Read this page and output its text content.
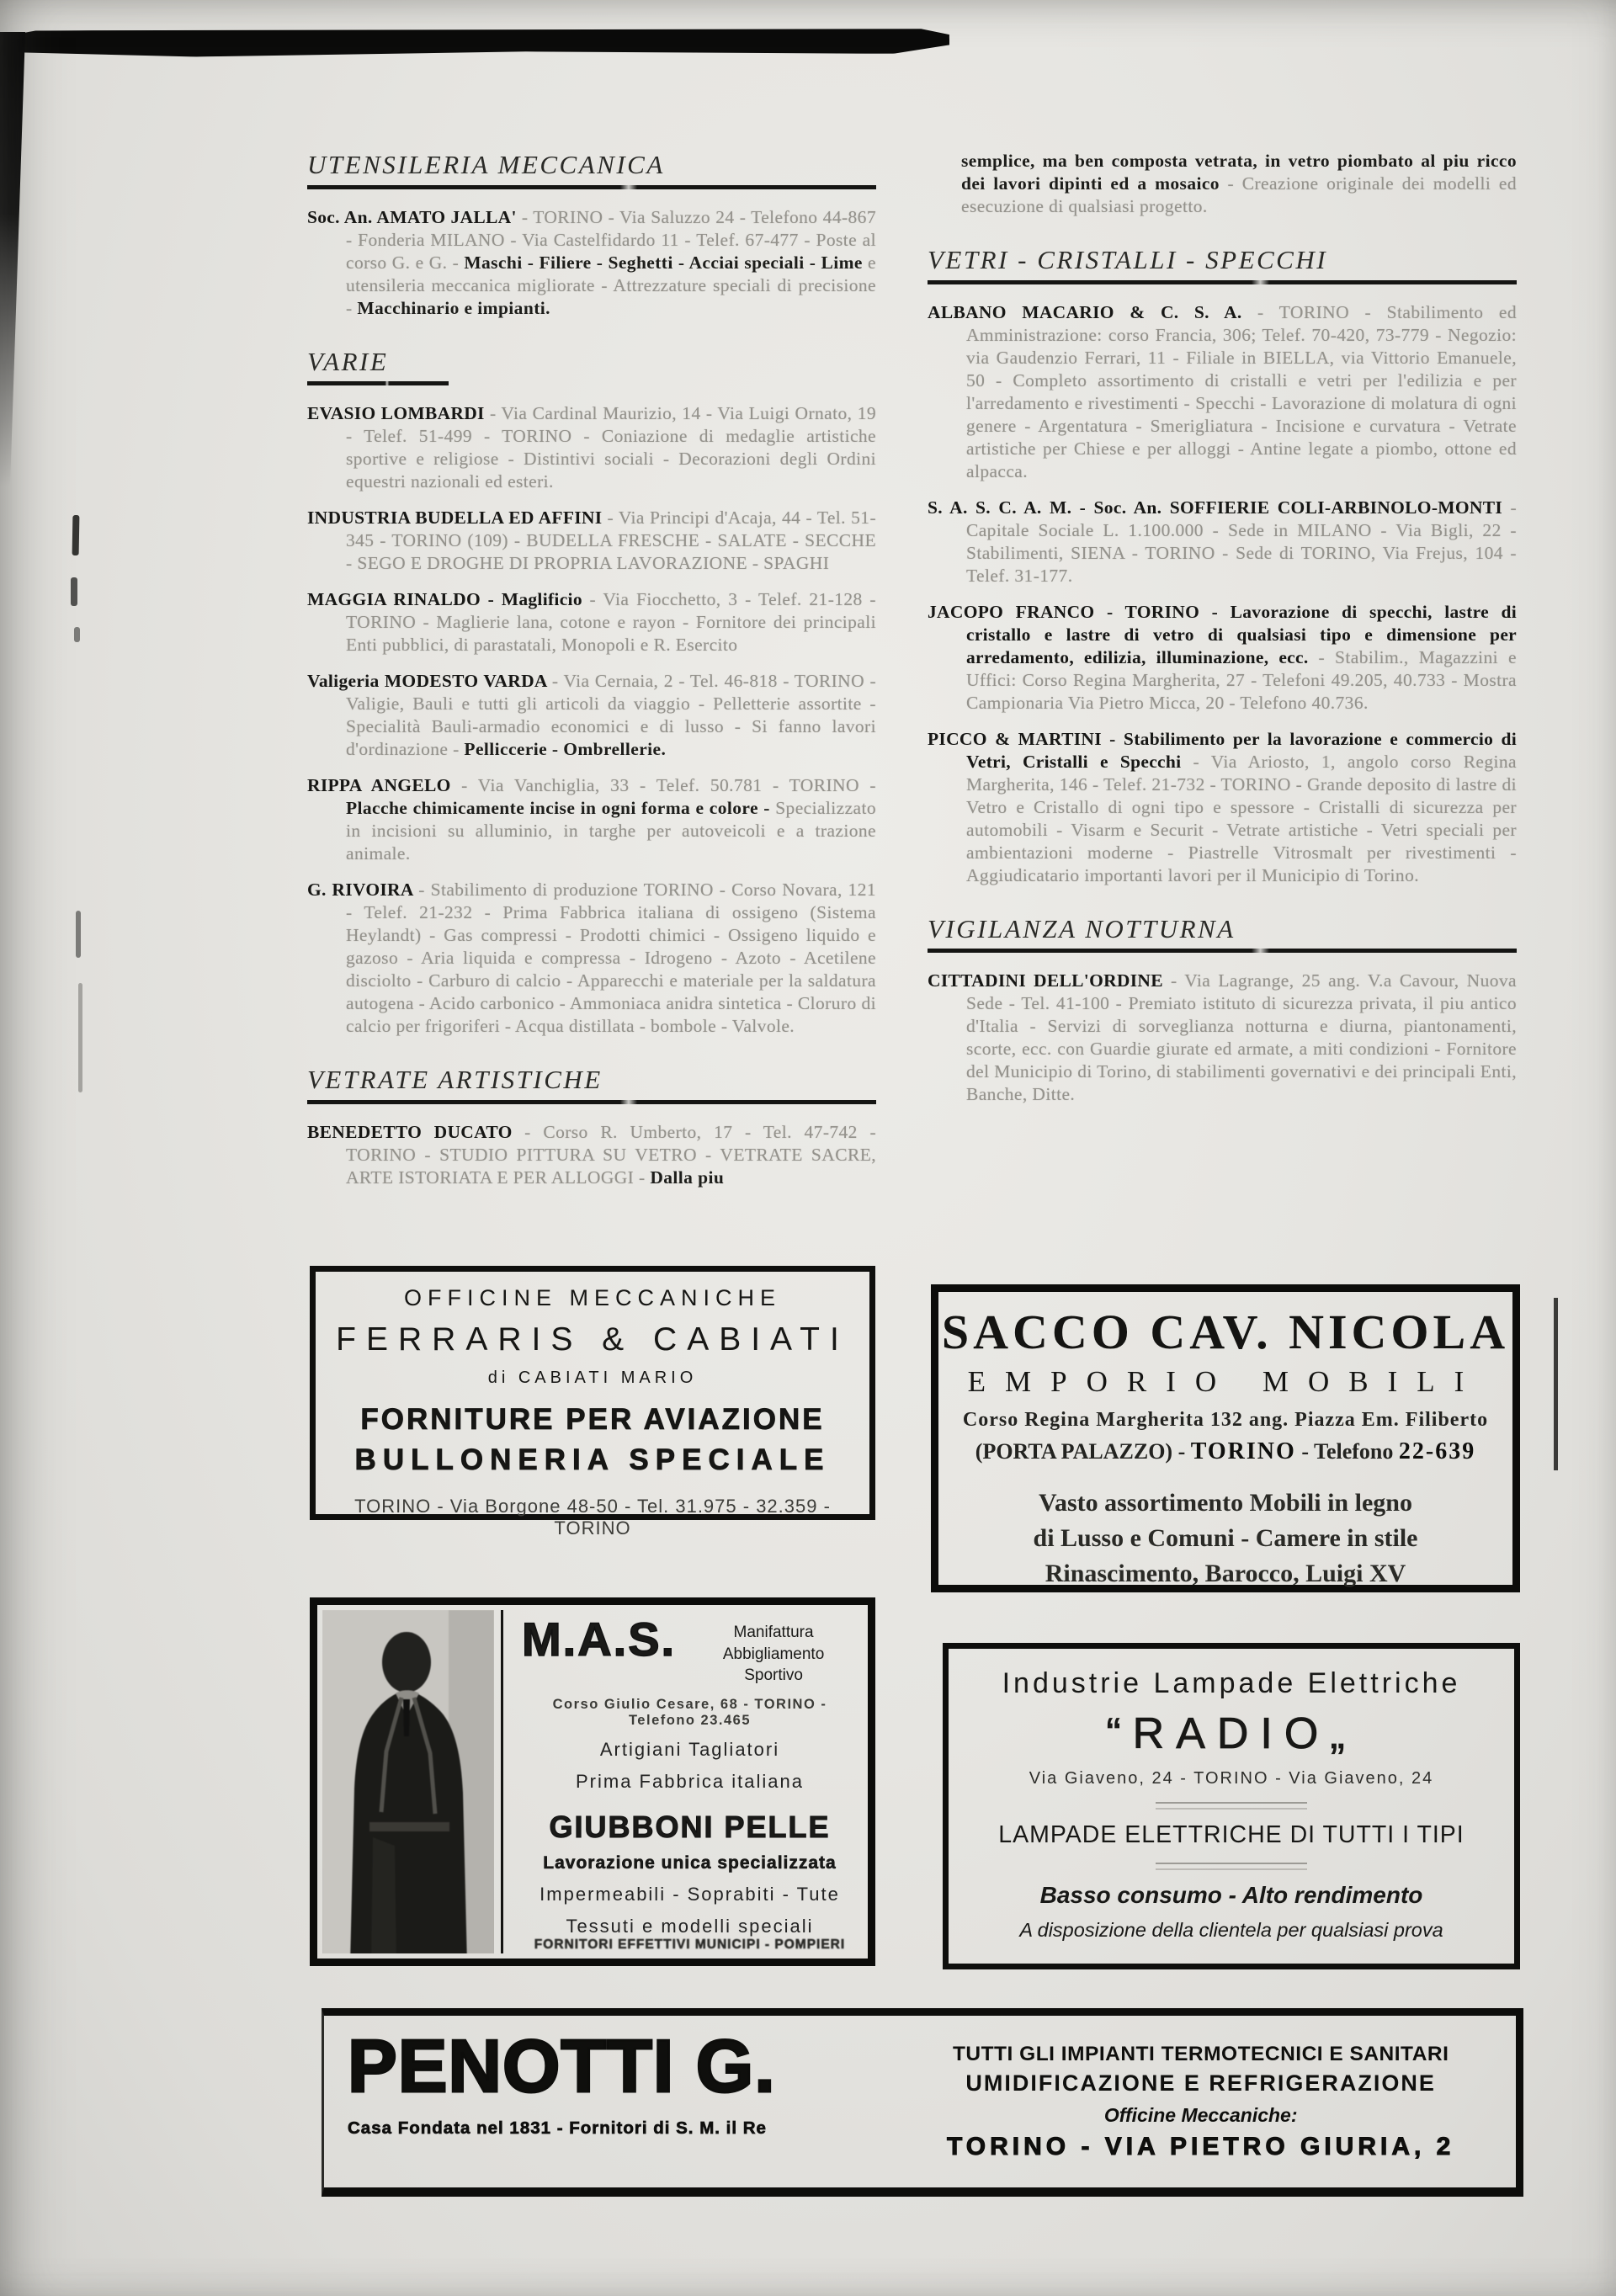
UTENSILERIA MECCANICA

Soc. An. AMATO JALLA' - TORINO - Via Saluzzo 24 - Telefono 44-867 - Fonderia MILANO - Via Castelfidardo 11 - Telef. 67-477 - Poste al corso G. e G. - Maschi - Filiere - Seghetti - Acciai speciali - Lime e utensileria meccanica migliorate - Attrezzature speciali di precisione - Macchinario e impianti.

VARIE

EVASIO LOMBARDI - Via Cardinal Maurizio, 14 - Via Luigi Ornato, 19 - Telef. 51-499 - TORINO - Coniazione di medaglie artistiche sportive e religiose - Distintivi sociali - Decorazioni degli Ordini equestri nazionali ed esteri.

INDUSTRIA BUDELLA ED AFFINI - Via Principi d'Acaja, 44 - Tel. 51-345 - TORINO (109) - BUDELLA FRESCHE - SALATE - SECCHE - SEGO E DROGHE DI PROPRIA LAVORAZIONE - SPAGHI

MAGGIA RINALDO - Maglificio - Via Fiocchetto, 3 - Telef. 21-128 - TORINO - Maglierie lana, cotone e rayon - Fornitore dei principali Enti pubblici, di parastatali, Monopoli e R. Esercito

Valigeria MODESTO VARDA - Via Cernaia, 2 - Tel. 46-818 - TORINO - Valigie, Bauli e tutti gli articoli da viaggio - Pelletterie assortite - Specialità Bauli-armadio economici e di lusso - Si fanno lavori d'ordinazione - Pelliccerie - Ombrellerie.

RIPPA ANGELO - Via Vanchiglia, 33 - Telef. 50.781 - TORINO - Placche chimicamente incise in ogni forma e colore - Specializzato in incisioni su alluminio, in targhe per autoveicoli e a trazione animale.

G. RIVOIRA - Stabilimento di produzione TORINO - Corso Novara, 121 - Telef. 21-232 - Prima Fabbrica italiana di ossigeno (Sistema Heylandt) - Gas compressi - Prodotti chimici - Ossigeno liquido e gazoso - Aria liquida e compressa - Idrogeno - Azoto - Acetilene disciolto - Carburo di calcio - Apparecchi e materiale per la saldatura autogena - Acido carbonico - Ammoniaca anidra sintetica - Cloruro di calcio per frigoriferi - Acqua distillata - bombole - Valvole.

VETRATE ARTISTICHE

BENEDETTO DUCATO - Corso R. Umberto, 17 - Tel. 47-742 - TORINO - STUDIO PITTURA SU VETRO - VETRATE SACRE, ARTE ISTORIATA E PER ALLOGGI - Dalla piu

semplice, ma ben composta vetrata, in vetro piombato al piu ricco dei lavori dipinti ed a mosaico - Creazione originale dei modelli ed esecuzione di qualsiasi progetto.

VETRI - CRISTALLI - SPECCHI

ALBANO MACARIO & C. S. A. - TORINO - Stabilimento ed Amministrazione: corso Francia, 306; Telef. 70-420, 73-779 - Negozio: via Gaudenzio Ferrari, 11 - Filiale in BIELLA, via Vittorio Emanuele, 50 - Completo assortimento di cristalli e vetri per l'edilizia e per l'arredamento e rivestimenti - Specchi - Lavorazione di molatura di ogni genere - Argentatura - Smerigliatura - Incisione e curvatura - Vetrate artistiche per Chiese e per alloggi - Antine legate a piombo, ottone ed alpacca.

S. A. S. C. A. M. - Soc. An. SOFFIERIE COLI-ARBINOLO-MONTI - Capitale Sociale L. 1.100.000 - Sede in MILANO - Via Bigli, 22 - Stabilimenti, SIENA - TORINO - Sede di TORINO, Via Frejus, 104 - Telef. 31-177.

JACOPO FRANCO - TORINO - Lavorazione di specchi, lastre di cristallo e lastre di vetro di qualsiasi tipo e dimensione per arredamento, edilizia, illuminazione, ecc. - Stabilim., Magazzini e Uffici: Corso Regina Margherita, 27 - Telefoni 49.205, 40.733 - Mostra Campionaria Via Pietro Micca, 20 - Telefono 40.736.

PICCO & MARTINI - Stabilimento per la lavorazione e commercio di Vetri, Cristalli e Specchi - Via Ariosto, 1, angolo corso Regina Margherita, 146 - Telef. 21-732 - TORINO - Grande deposito di lastre di Vetro e Cristallo di ogni tipo e spessore - Cristalli di sicurezza per automobili - Visarm e Securit - Vetrate artistiche - Vetri speciali per ambientazioni moderne - Piastrelle Vitrosmalt per rivestimenti - Aggiudicatario importanti lavori per il Municipio di Torino.

VIGILANZA NOTTURNA

CITTADINI DELL'ORDINE - Via Lagrange, 25 ang. V.a Cavour, Nuova Sede - Tel. 41-100 - Premiato istituto di sicurezza privata, il piu antico d'Italia - Servizi di sorveglianza notturna e diurna, piantonamenti, scorte, ecc. con Guardie giurate ed armate, a miti condizioni - Fornitore del Municipio di Torino, di stabilimenti governativi e dei principali Enti, Banche, Ditte.

OFFICINE MECCANICHE
FERRARIS & CABIATI
di CABIATI MARIO
FORNITURE PER AVIAZIONE
BULLONERIA SPECIALE
TORINO - Via Borgone 48-50 - Tel. 31.975 - 32.359 - TORINO
SACCO CAV. NICOLA
EMPORIO MOBILI
Corso Regina Margherita 132 ang. Piazza Em. Filiberto
(PORTA PALAZZO) - TORINO - Telefono 22-639
Vasto assortimento Mobili in legno
di Lusso e Comuni - Camere in stile
Rinascimento, Barocco, Luigi XV
M.A.S.	Manifattura Abbigliamento
Sportivo
Corso Giulio Cesare, 68 - TORINO - Telefono 23.465
Artigiani Tagliatori
Prima Fabbrica italiana
GIUBBONI PELLE
Lavorazione unica specializzata
Impermeabili - Soprabiti - Tute
Tessuti e modelli speciali
FORNITORI EFFETTIVI MUNICIPI - POMPIERI
Industrie Lampade Elettriche
“RADIO„
Via Giaveno, 24 - TORINO - Via Giaveno, 24
LAMPADE ELETTRICHE DI TUTTI I TIPI
Basso consumo - Alto rendimento
A disposizione della clientela per qualsiasi prova
PENOTTI G.
Casa Fondata nel 1831 - Fornitori di S. M. il Re
TUTTI GLI IMPIANTI TERMOTECNICI E SANITARI
UMIDIFICAZIONE E REFRIGERAZIONE
Officine Meccaniche:
TORINO - VIA PIETRO GIURIA, 2
